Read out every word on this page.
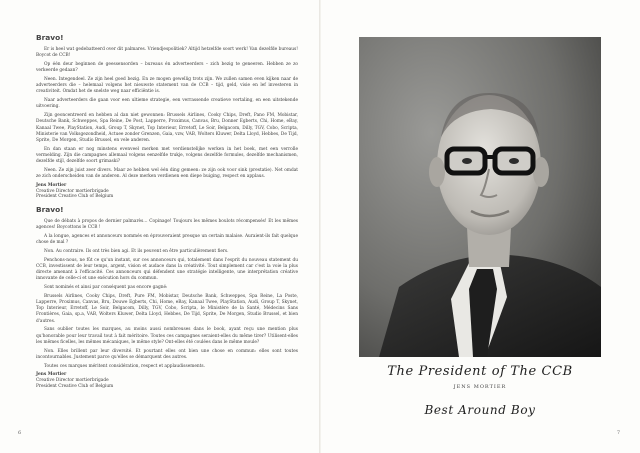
Bravo!

Er is heel wat gedebatteerd over dit palmares. Vriendjespolitiek? Altijd hetzelfde soort werk! Van dezelfde bureaus! Boycot de CCB!

Op één deur beginnen de geessensorden – bureaus én adverteerders – zich bezig te geneeren. Hebben ze zo verkeerde gedaan?

Neen. Integendeel. Ze zijn heel goed bezig. En ze mogen gewellig trots zijn. We zullen samen even kijken naar de adverteerders die – helemaal volgens het nieuwste statement van de CCB – tijd, geld, visie en lef investeren in creativiteit. Omdat het de snelste weg naar efficiëntie is.

Naar adverteerders die gaan voor een ultieme strategie, een verrassende creatieve vertaling, en een uitstekende uitvoering.

Zijn geoncentreerd en hebben al dan niet gewonnen: Brussels Airlines, Cooky Chips, Dreft, Pano FM, Mobistar, Deutsche Bank, Schweppes, Spa Reine, De Post, Lapperre, Proximus, Canvas, Bru, Donner Egberts, Chi, Home, eBay, Kanaal Twee, PlayStation, Audi, Group T, Skynet, Top Interieur, Erretoff, Le Soir, Belgacom, Dilly, TGV, Cobo, Scripta, Ministerie van Volksgezondheid, Actuee zonder Grenzen, Gaia, vzw, VAB, Wolters Kluwer, Delta Lloyd, Hebbes, De Tijd, Sprite, De Morgen, Studio Brussel, en vele anderen.

En dan staan er nog minstens evenveel merken met verdienstelijke werken in het boek, met een verrolle vermelding. Zijn die campagnes allemaal volgens eenzelfde trukje, volgens dezelfde formules, dezelfde mechanismen, dezelfde stijl, dezelfde soort grimaski?

Neen. Ze zijn juist zeer divers. Maar ze hebben wel één ding gemeen: ze zijn ook voor sink (prestatie). Net omdat ze zich onderscheiden van de anderen. Al deze merken verdienen een diepe buiging, respect en applaus.

Jens Mortier
Creative Director mortierbrigade
President Creative Club of Belgium

Bravo!

Que de débats à propos de dernier palmarès… Copinage! Toujours les mêmes boulots récompensés! Et les mêmes agences! Boycottons le CCB !

A la longue, agences et annonceurs nommés en éprouveraient presque un certain malaise. Auraient-ils fait quelque chose de mal ?

Non. Au contraire. Ils ont très bien agi. Et ils peuvent en être particulièrement fiers.

Penchons-nous, ne fût ce qu'un instant, sur ces annonceurs qui, totalement dans l'esprit du nouveau statement du CCB, investissent de leur temps, argent, vision et audace dans la créativité. Tout simplement car c'est la voie la plus directe amenant à l'efficacité. Ces annonceurs qui défendent une stratégie intelligente, une interprétation créative innovante de celle-ci et une exécution hors du commun.

Sont nominés et ainsi par conséquent pas encore gagné:

Brussels Airlines, Cooky Chips, Dreft, Pure FM, Mobistar, Deutsche Bank, Schweppes, Spa Reine, La Poste, Lapperre, Proximus, Canvas, Bru, Douwe Egberts, Chi, Home, eBay, Kanaal Twee, PlayStation, Audi, Group T, Skynet, Top Interieur, Erretoff, Le Soir, Belgacom, Dilly, TGV, Cobo, Scripta, le Ministère de la Santé, Médecins Sans Frontières, Gaia, sp.a, VAB, Wolters Kluwer, Delta Lloyd, Hebbes, De Tijd, Sprite, De Morgen, Studio Brussel, et bien d'autres.

Sans oublier toutes les marques, au moins aussi nombreuses dans le book, ayant reçu une mention plus qu'honorable pour leur travail tout à fait méritoire. Toutes ces campagnes seraient-elles du même tirer? Utilisent-elles les mêmes ficelles, les mêmes mécaniques, le même style? Ont-elles été coulées dans le même moule?

Non. Elles brillent par leur diversité. Et pourtant elles ont bien une chose en commun: elles sont toutes incontournables. Justement parce qu'elles se démarquent des autres.

Toutes ces marques méritent considération, respect et applaudissements.

Jens Mortier
Creative Director mortierbrigade
President Creative Club of Belgium

The President of The CCB
JENS MORTIER
Best Around Boy
6	7
